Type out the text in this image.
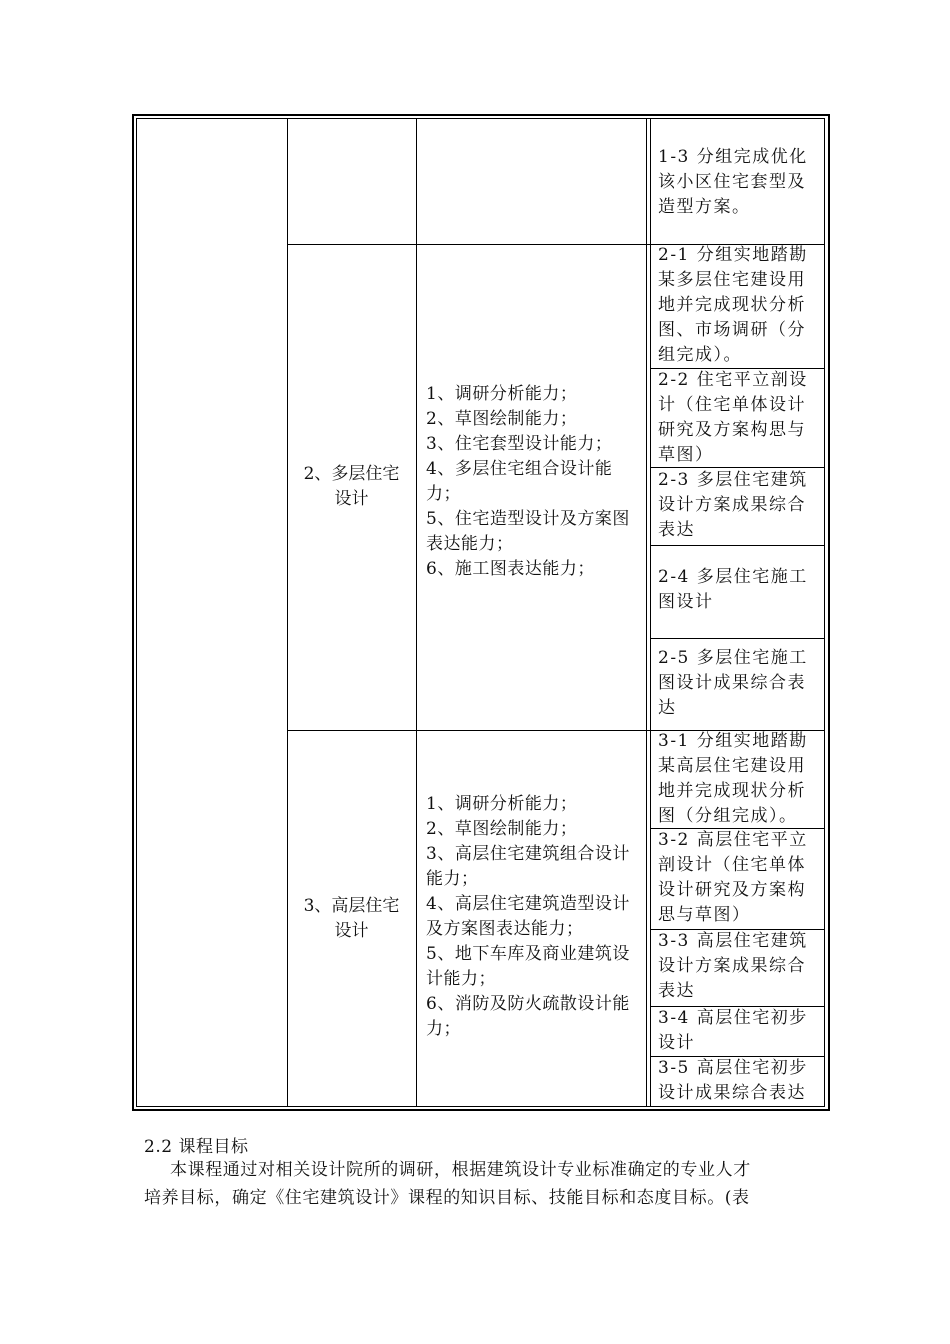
1-3 分组完成优化
该小区住宅套型及
造型方案。
2、多层住宅
设计
1、调研分析能力；
2、草图绘制能力；
3、住宅套型设计能力；
4、多层住宅组合设计能
力；
5、住宅造型设计及方案图
表达能力；
6、施工图表达能力；
2-1 分组实地踏勘
某多层住宅建设用
地并完成现状分析
图、市场调研（分
组完成）。
2-2 住宅平立剖设
计（住宅单体设计
研究及方案构思与
草图）
2-3 多层住宅建筑
设计方案成果综合
表达
2-4 多层住宅施工
图设计
2-5 多层住宅施工
图设计成果综合表
达
3、高层住宅
设计
1、调研分析能力；
2、草图绘制能力；
3、高层住宅建筑组合设计
能力；
4、高层住宅建筑造型设计
及方案图表达能力；
5、地下车库及商业建筑设
计能力；
6、消防及防火疏散设计能
力；
3-1 分组实地踏勘
某高层住宅建设用
地并完成现状分析
图（分组完成）。
3-2 高层住宅平立
剖设计（住宅单体
设计研究及方案构
思与草图）
3-3 高层住宅建筑
设计方案成果综合
表达
3-4 高层住宅初步
设计
3-5 高层住宅初步
设计成果综合表达
2.2 课程目标
本课程通过对相关设计院所的调研，根据建筑设计专业标准确定的专业人才
培养目标，确定《住宅建筑设计》课程的知识目标、技能目标和态度目标。(表
